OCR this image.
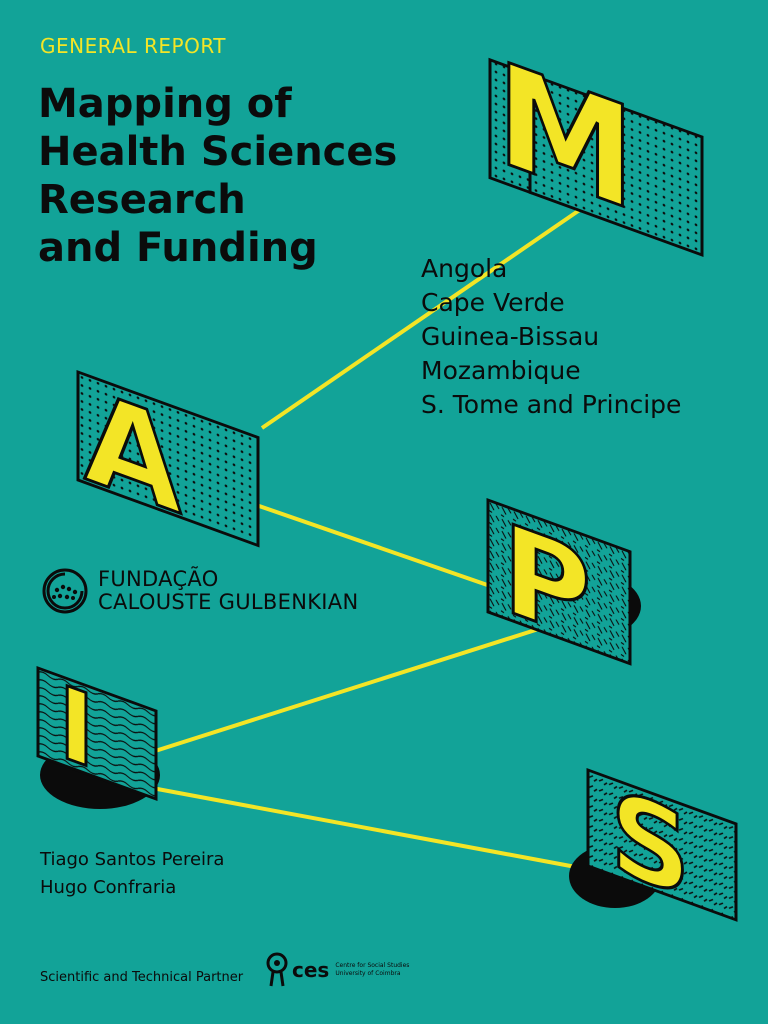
M
A
P
I
S
GENERAL REPORT
Mapping of
Health Sciences
Research
and Funding	Angola
Cape Verde
Guinea-Bissau
Mozambique
S. Tome and Principe
FUNDAÇÃO
CALOUSTE GULBENKIAN
Tiago Santos Pereira
Hugo Confraria
Scientific and Technical Partner ces Centre for Social Studies
University of Coimbra
